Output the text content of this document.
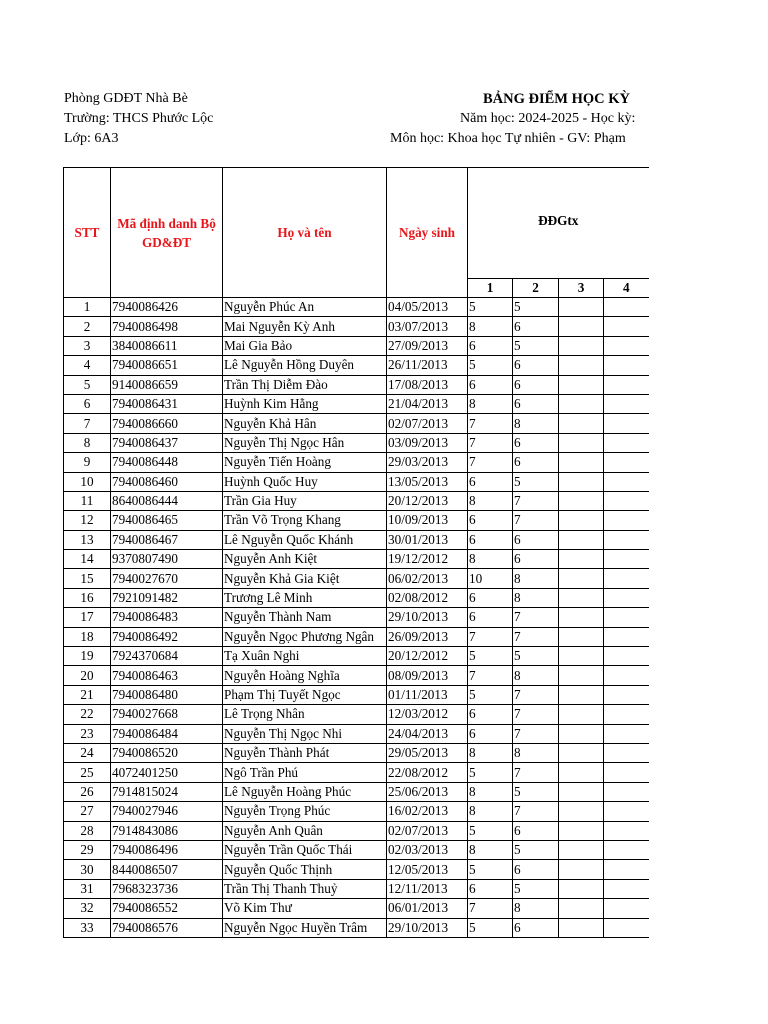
Phòng GDĐT Nhà Bè
Trường: THCS Phước Lộc
Lớp: 6A3
BẢNG ĐIỂM HỌC KỲ
Năm học: 2024-2025 - Học kỳ:
Môn học: Khoa học Tự nhiên - GV: Phạm
STT	Mã định danh Bộ GD&ĐT	Họ và tên	Ngày sinh	ĐĐGtx			
				1	2	3	4
1	7940086426	Nguyễn Phúc An	04/05/2013	5	5		
2	7940086498	Mai Nguyễn Kỳ Anh	03/07/2013	8	6		
3	3840086611	Mai Gia Bảo	27/09/2013	6	5		
4	7940086651	Lê Nguyễn Hồng Duyên	26/11/2013	5	6		
5	9140086659	Trần Thị Diễm Đào	17/08/2013	6	6		
6	7940086431	Huỳnh Kim Hằng	21/04/2013	8	6		
7	7940086660	Nguyễn Khả Hân	02/07/2013	7	8		
8	7940086437	Nguyễn Thị Ngọc Hân	03/09/2013	7	6		
9	7940086448	Nguyễn Tiến Hoàng	29/03/2013	7	6		
10	7940086460	Huỳnh Quốc Huy	13/05/2013	6	5		
11	8640086444	Trần Gia Huy	20/12/2013	8	7		
12	7940086465	Trần Võ Trọng Khang	10/09/2013	6	7		
13	7940086467	Lê Nguyễn Quốc Khánh	30/01/2013	6	6		
14	9370807490	Nguyễn Anh Kiệt	19/12/2012	8	6		
15	7940027670	Nguyễn Khả Gia Kiệt	06/02/2013	10	8		
16	7921091482	Trương Lê Minh	02/08/2012	6	8		
17	7940086483	Nguyễn Thành Nam	29/10/2013	6	7		
18	7940086492	Nguyễn Ngọc Phương Ngân	26/09/2013	7	7		
19	7924370684	Tạ Xuân Nghi	20/12/2012	5	5		
20	7940086463	Nguyễn Hoàng Nghĩa	08/09/2013	7	8		
21	7940086480	Phạm Thị Tuyết Ngọc	01/11/2013	5	7		
22	7940027668	Lê Trọng Nhân	12/03/2012	6	7		
23	7940086484	Nguyễn Thị Ngọc Nhi	24/04/2013	6	7		
24	7940086520	Nguyễn Thành Phát	29/05/2013	8	8		
25	4072401250	Ngô Trần Phú	22/08/2012	5	7		
26	7914815024	Lê Nguyễn Hoàng Phúc	25/06/2013	8	5		
27	7940027946	Nguyễn Trọng Phúc	16/02/2013	8	7		
28	7914843086	Nguyễn Anh Quân	02/07/2013	5	6		
29	7940086496	Nguyễn Trần Quốc Thái	02/03/2013	8	5		
30	8440086507	Nguyễn Quốc Thịnh	12/05/2013	5	6		
31	7968323736	Trần Thị Thanh Thuỷ	12/11/2013	6	5		
32	7940086552	Võ Kim Thư	06/01/2013	7	8		
33	7940086576	Nguyễn Ngọc Huyền Trâm	29/10/2013	5	6		
